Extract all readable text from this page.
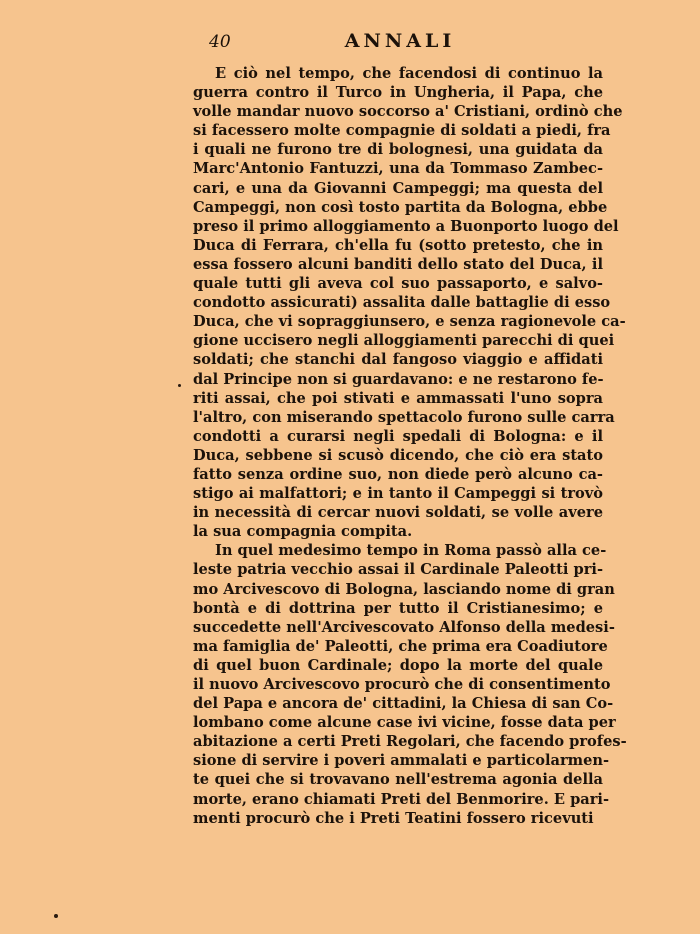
40	ANNALI
E ciò nel tempo, che facendosi di continuo la
guerra contro il Turco in Ungheria, il Papa, che
volle mandar nuovo soccorso a' Cristiani, ordinò che
si facessero molte compagnie di soldati a piedi, fra
i quali ne furono tre di bolognesi, una guidata da
Marc'Antonio Fantuzzi, una da Tommaso Zambec-
cari, e una da Giovanni Campeggi; ma questa del
Campeggi, non così tosto partita da Bologna, ebbe
preso il primo alloggiamento a Buonporto luogo del
Duca di Ferrara, ch'ella fu (sotto pretesto, che in
essa fossero alcuni banditi dello stato del Duca, il
quale tutti gli aveva col suo passaporto, e salvo-
condotto assicurati) assalita dalle battaglie di esso
Duca, che vi sopraggiunsero, e senza ragionevole ca-
gione uccisero negli alloggiamenti parecchi di quei
soldati; che stanchi dal fangoso viaggio e affidati
dal Principe non si guardavano: e ne restarono fe-
riti assai, che poi stivati e ammassati l'uno sopra
l'altro, con miserando spettacolo furono sulle carra
condotti a curarsi negli spedali di Bologna: e il
Duca, sebbene si scusò dicendo, che ciò era stato
fatto senza ordine suo, non diede però alcuno ca-
stigo ai malfattori; e in tanto il Campeggi si trovò
in necessità di cercar nuovi soldati, se volle avere
la sua compagnia compita.
In quel medesimo tempo in Roma passò alla ce-
leste patria vecchio assai il Cardinale Paleotti pri-
mo Arcivescovo di Bologna, lasciando nome di gran
bontà e di dottrina per tutto il Cristianesimo; e
succedette nell'Arcivescovato Alfonso della medesi-
ma famiglia de' Paleotti, che prima era Coadiutore
di quel buon Cardinale; dopo la morte del quale
il nuovo Arcivescovo procurò che di consentimento
del Papa e ancora de' cittadini, la Chiesa di san Co-
lombano come alcune case ivi vicine, fosse data per
abitazione a certi Preti Regolari, che facendo profes-
sione di servire i poveri ammalati e particolarmen-
te quei che si trovavano nell'estrema agonia della
morte, erano chiamati Preti del Benmorire. E pari-
menti procurò che i Preti Teatini fossero ricevuti
